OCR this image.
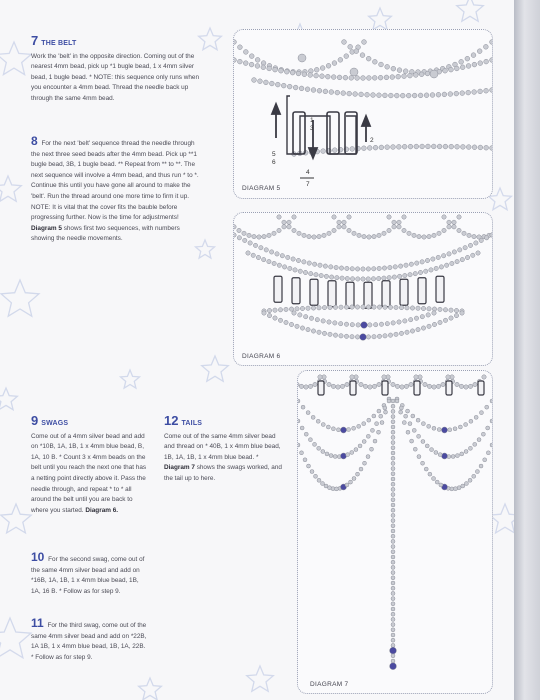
7 THE BELT

Work the 'belt' in the opposite direction. Coming out of the nearest 4mm bead, pick up *1 bugle bead, 1 x 4mm silver bead, 1 bugle bead. * NOTE: this sequence only runs when you encounter a 4mm bead. Thread the needle back up through the same 4mm bead.

8 For the next 'belt' sequence thread the needle through the next three seed beads after the 4mm bead. Pick up **1 bugle bead, 3B, 1 bugle bead. ** Repeat from ** to **. The next sequence will involve a 4mm bead, and thus run * to *. Continue this until you have gone all around to make the 'belt'. Run the thread around one more time to firm it up. NOTE: It is vital that the cover fits the bauble before progressing further. Now is the time for adjustments! Diagram 5 shows first two sequences, with numbers showing the needle movements.

9 SWAGS

Come out of a 4mm silver bead and add on *10B, 1A, 1B, 1 x 4mm blue bead, B, 1A, 10 B. * Count 3 x 4mm beads on the belt until you reach the next one that has a netting point directly above it. Pass the needle through, and repeat * to * all around the belt until you are back to where you started. Diagram 6.

10 For the second swag, come out of the same 4mm silver bead and add on *16B, 1A, 1B, 1 x 4mm blue bead, 1B, 1A, 16 B. * Follow as for step 9.

11 For the third swag, come out of the same 4mm silver bead and add on *22B, 1A 1B, 1 x 4mm blue bead, 1B, 1A, 22B. * Follow as for step 9.

12 TAILS

Come out of the same 4mm silver bead and thread on * 40B, 1 x 4mm blue bead, 1B, 1A, 1B, 1 x 4mm blue bead. * Diagram 7 shows the swags worked, and the tail up to here.

5
6
1
3
2
4
7
DIAGRAM 5
DIAGRAM 6
DIAGRAM 7
